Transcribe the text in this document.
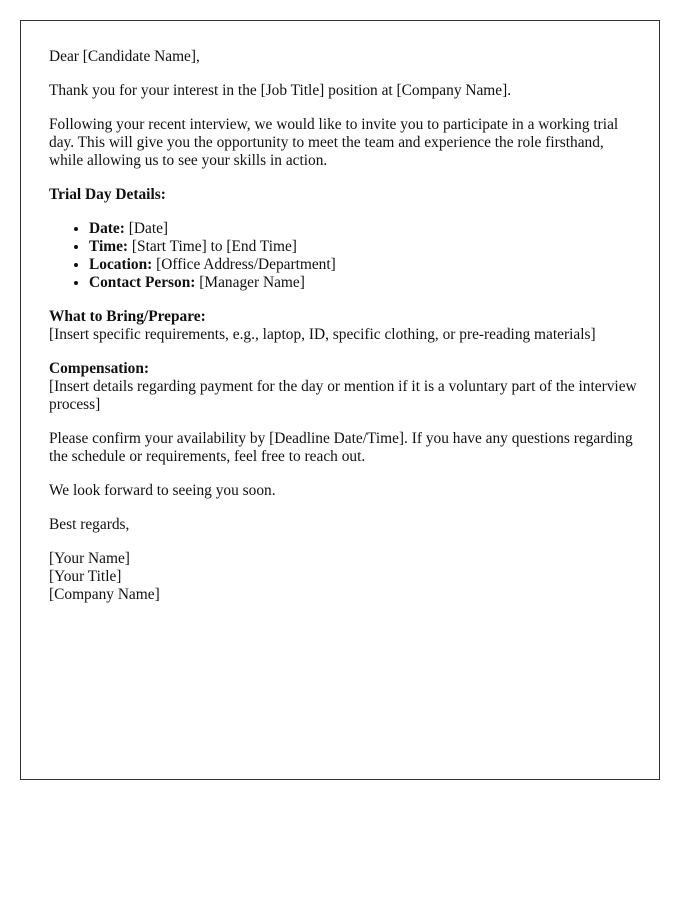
Dear [Candidate Name],

Thank you for your interest in the [Job Title] position at [Company Name].

Following your recent interview, we would like to invite you to participate in a working trial day. This will give you the opportunity to meet the team and experience the role firsthand, while allowing us to see your skills in action.

Trial Day Details:

• Date: [Date]
• Time: [Start Time] to [End Time]
• Location: [Office Address/Department]
• Contact Person: [Manager Name]
What to Bring/Prepare:
[Insert specific requirements, e.g., laptop, ID, specific clothing, or pre-reading materials]
Compensation:
[Insert details regarding payment for the day or mention if it is a voluntary part of the interview process]

Please confirm your availability by [Deadline Date/Time]. If you have any questions regarding the schedule or requirements, feel free to reach out.

We look forward to seeing you soon.

Best regards,

[Your Name]
[Your Title]
[Company Name]
